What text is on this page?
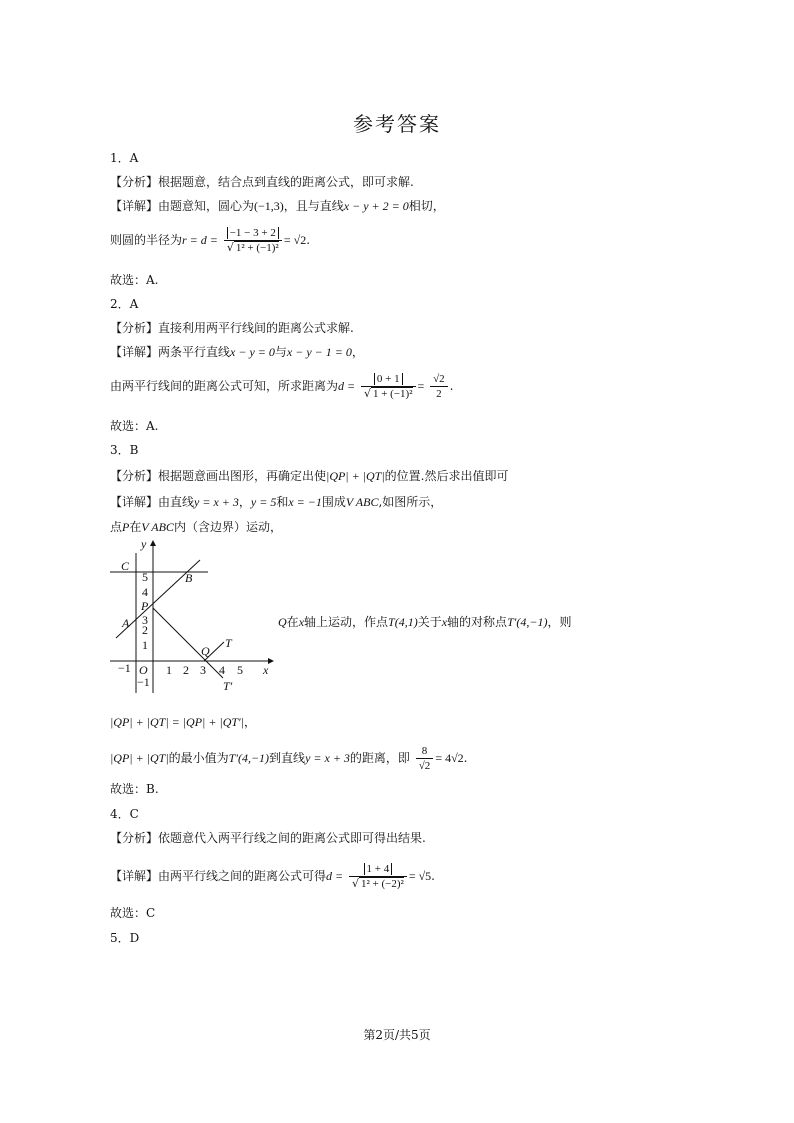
参考答案
1．A
【分析】根据题意，结合点到直线的距离公式，即可求解.
【详解】由题意知，圆心为(−1,3)，且与直线x − y + 2 = 0相切，
则圆的半径为$r = d = \frac{-1 - 3 + 2}{\text{√ 1² + (−1)²}} = √2$.
故选：A.
2．A
【分析】直接利用两平行线间的距离公式求解.
【详解】两条平行直线x − y = 0与x − y − 1 = 0，
由两平行线间的距离公式可知，所求距离为$d = \frac{0 + 1}{\text{√ 1 + (−1)²}} = \frac{√2}{2}$ .
故选：A.
3．B
【分析】根据题意画出图形，再确定出使|QP| + |QT|的位置.然后求出值即可
【详解】由直线y = x + 3，y = 5和x = −1围成V ABC,如图所示，
点P在V ABC内（含边界）运动，
y
x
C
B
P
A
Q
T
T′
O
−1
−1
1 2 3 4 5
5
4
3
2
1
Q在x轴上运动，作点T(4,1)关于x轴的对称点T′(4,−1)，则
|QP| + |QT| = |QP| + |QT′|，
|QP| + |QT|的最小值为T′(4,−1)到直线y = x + 3的距离，即 $\frac{8}{√2} = 4√2$.
故选：B.
4．C
【分析】依题意代入两平行线之间的距离公式即可得出结果.
【详解】由两平行线之间的距离公式可得$d = \frac{1 + 4}{\text{√ 1² + (−2)²}} = √5$.
故选：C
5．D
第2页/共5页
